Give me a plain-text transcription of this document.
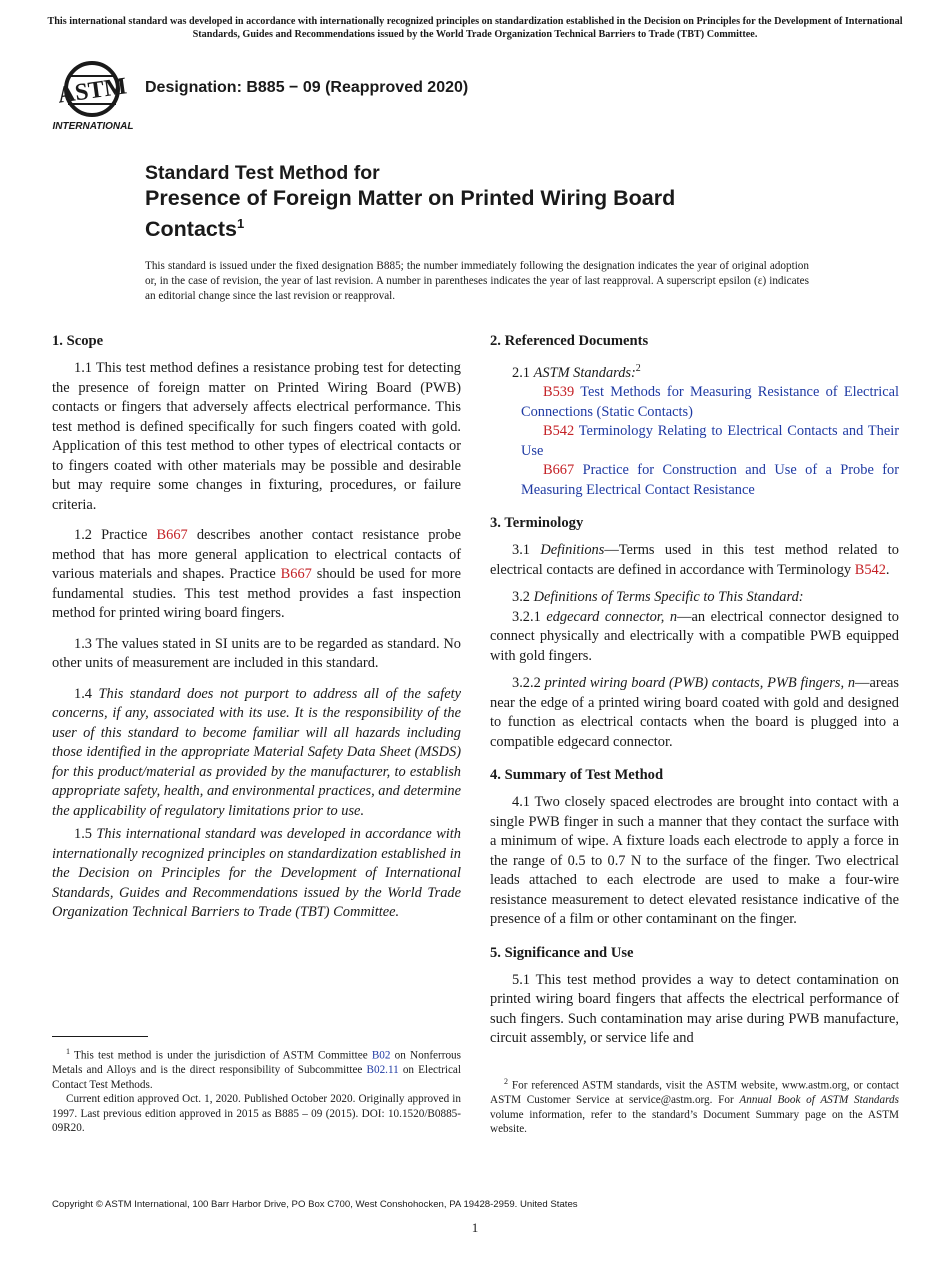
This international standard was developed in accordance with internationally recognized principles on standardization established in the Decision on Principles for the Development of International Standards, Guides and Recommendations issued by the World Trade Organization Technical Barriers to Trade (TBT) Committee.
ASTM
INTERNATIONAL
Designation: B885 − 09 (Reapproved 2020)
Standard Test Method for
Presence of Foreign Matter on Printed Wiring Board
Contacts$^1$
This standard is issued under the fixed designation B885; the number immediately following the designation indicates the year of original adoption or, in the case of revision, the year of last revision. A number in parentheses indicates the year of last reapproval. A superscript epsilon (ε) indicates an editorial change since the last revision or reapproval.
1. Scope

1.1 This test method defines a resistance probing test for detecting the presence of foreign matter on Printed Wiring Board (PWB) contacts or fingers that adversely affects electrical performance. This test method is defined specifically for such fingers coated with gold. Application of this test method to other types of electrical contacts or to fingers coated with other materials may be possible and desirable but may require some changes in fixturing, procedures, or failure criteria.

1.2 Practice B667 describes another contact resistance probe method that has more general application to electrical contacts of various materials and shapes. Practice B667 should be used for more fundamental studies. This test method provides a fast inspection method for printed wiring board fingers.

1.3 The values stated in SI units are to be regarded as standard. No other units of measurement are included in this standard.

1.4 This standard does not purport to address all of the safety concerns, if any, associated with its use. It is the responsibility of the user of this standard to become familiar will all hazards including those identified in the appropriate Material Safety Data Sheet (MSDS) for this product/material as provided by the manufacturer, to establish appropriate safety, health, and environmental practices, and determine the applicability of regulatory limitations prior to use.

1.5 This international standard was developed in accordance with internationally recognized principles on standardization established in the Decision on Principles for the Development of International Standards, Guides and Recommendations issued by the World Trade Organization Technical Barriers to Trade (TBT) Committee.

2. Referenced Documents

2.1 ASTM Standards:$^2$

B539 Test Methods for Measuring Resistance of Electrical Connections (Static Contacts)

B542 Terminology Relating to Electrical Contacts and Their Use

B667 Practice for Construction and Use of a Probe for Measuring Electrical Contact Resistance

3. Terminology

3.1 Definitions—Terms used in this test method related to electrical contacts are defined in accordance with Terminology B542.

3.2 Definitions of Terms Specific to This Standard:

3.2.1 edgecard connector, n—an electrical connector designed to connect physically and electrically with a compatible PWB equipped with gold fingers.

3.2.2 printed wiring board (PWB) contacts, PWB fingers, n—areas near the edge of a printed wiring board coated with gold and designed to function as electrical contacts when the board is plugged into a compatible edgecard connector.

4. Summary of Test Method

4.1 Two closely spaced electrodes are brought into contact with a single PWB finger in such a manner that they contact the surface with a minimum of wipe. A fixture loads each electrode to apply a force in the range of 0.5 to 0.7 N to the surface of the finger. Two electrical leads attached to each electrode are used to make a four-wire resistance measurement to detect elevated resistance indicative of the presence of a film or other contaminant on the finger.

5. Significance and Use

5.1 This test method provides a way to detect contamination on printed wiring board fingers that affects the electrical performance of such fingers. Such contamination may arise during PWB manufacture, circuit assembly, or service life and

$^1$ This test method is under the jurisdiction of ASTM Committee B02 on Nonferrous Metals and Alloys and is the direct responsibility of Subcommittee B02.11 on Electrical Contact Test Methods.

Current edition approved Oct. 1, 2020. Published October 2020. Originally approved in 1997. Last previous edition approved in 2015 as B885 – 09 (2015). DOI: 10.1520/B0885-09R20.

$^2$ For referenced ASTM standards, visit the ASTM website, www.astm.org, or contact ASTM Customer Service at service@astm.org. For Annual Book of ASTM Standards volume information, refer to the standard’s Document Summary page on the ASTM website.

Copyright © ASTM International, 100 Barr Harbor Drive, PO Box C700, West Conshohocken, PA 19428-2959. United States
1
